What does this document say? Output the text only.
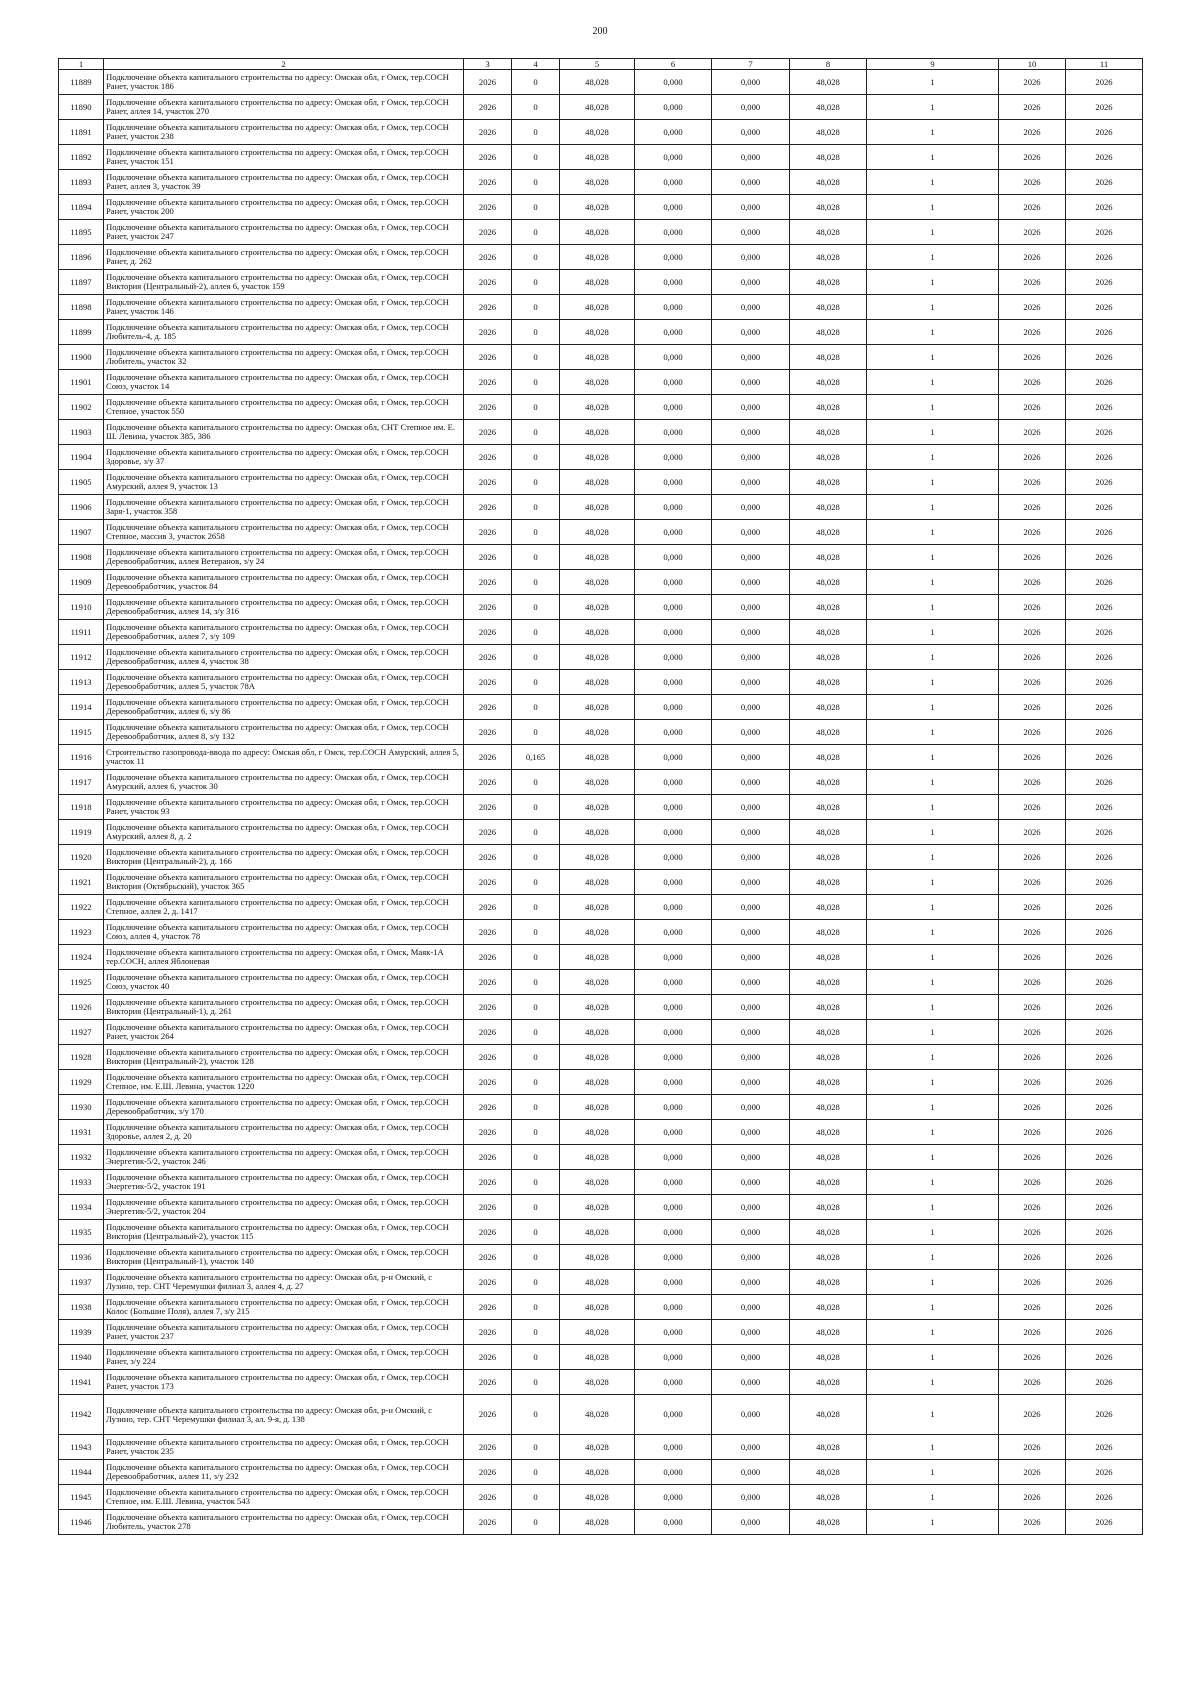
200
1	2	3	4	5	6	7	8	9	10	11
11889	Подключение объекта капитального строительства по адресу: Омская обл, г Омск, тер.СОСН Ранет, участок 186	2026	0	48,028	0,000	0,000	48,028	1	2026	2026
11890	Подключение объекта капитального строительства по адресу: Омская обл, г Омск, тер.СОСН Ранет, аллея 14, участок 270	2026	0	48,028	0,000	0,000	48,028	1	2026	2026
11891	Подключение объекта капитального строительства по адресу: Омская обл, г Омск, тер.СОСН Ранет, участок 238	2026	0	48,028	0,000	0,000	48,028	1	2026	2026
11892	Подключение объекта капитального строительства по адресу: Омская обл, г Омск, тер.СОСН Ранет, участок 151	2026	0	48,028	0,000	0,000	48,028	1	2026	2026
11893	Подключение объекта капитального строительства по адресу: Омская обл, г Омск, тер.СОСН Ранет, аллея 3, участок 39	2026	0	48,028	0,000	0,000	48,028	1	2026	2026
11894	Подключение объекта капитального строительства по адресу: Омская обл, г Омск, тер.СОСН Ранет, участок 200	2026	0	48,028	0,000	0,000	48,028	1	2026	2026
11895	Подключение объекта капитального строительства по адресу: Омская обл, г Омск, тер.СОСН Ранет, участок 247	2026	0	48,028	0,000	0,000	48,028	1	2026	2026
11896	Подключение объекта капитального строительства по адресу: Омская обл, г Омск, тер.СОСН Ранет, д. 262	2026	0	48,028	0,000	0,000	48,028	1	2026	2026
11897	Подключение объекта капитального строительства по адресу: Омская обл, г Омск, тер.СОСН Виктория (Центральный-2), аллея 6, участок 159	2026	0	48,028	0,000	0,000	48,028	1	2026	2026
11898	Подключение объекта капитального строительства по адресу: Омская обл, г Омск, тер.СОСН Ранет, участок 146	2026	0	48,028	0,000	0,000	48,028	1	2026	2026
11899	Подключение объекта капитального строительства по адресу: Омская обл, г Омск, тер.СОСН Любитель-4, д. 185	2026	0	48,028	0,000	0,000	48,028	1	2026	2026
11900	Подключение объекта капитального строительства по адресу: Омская обл, г Омск, тер.СОСН Любитель, участок 32	2026	0	48,028	0,000	0,000	48,028	1	2026	2026
11901	Подключение объекта капитального строительства по адресу: Омская обл, г Омск, тер.СОСН Союз, участок 14	2026	0	48,028	0,000	0,000	48,028	1	2026	2026
11902	Подключение объекта капитального строительства по адресу: Омская обл, г Омск, тер.СОСН Степное, участок 550	2026	0	48,028	0,000	0,000	48,028	1	2026	2026
11903	Подключение объекта капитального строительства по адресу: Омская обл, СНТ Степное им. Е. Ш. Левина, участок 385, 386	2026	0	48,028	0,000	0,000	48,028	1	2026	2026
11904	Подключение объекта капитального строительства по адресу: Омская обл, г Омск, тер.СОСН Здоровье, з/у 37	2026	0	48,028	0,000	0,000	48,028	1	2026	2026
11905	Подключение объекта капитального строительства по адресу: Омская обл, г Омск, тер.СОСН Амурский, аллея 9, участок 13	2026	0	48,028	0,000	0,000	48,028	1	2026	2026
11906	Подключение объекта капитального строительства по адресу: Омская обл, г Омск, тер.СОСН Заря-1, участок 358	2026	0	48,028	0,000	0,000	48,028	1	2026	2026
11907	Подключение объекта капитального строительства по адресу: Омская обл, г Омск, тер.СОСН Степное, массив 3, участок 2658	2026	0	48,028	0,000	0,000	48,028	1	2026	2026
11908	Подключение объекта капитального строительства по адресу: Омская обл, г Омск, тер.СОСН Деревообработчик, аллея Ветеранов, з/у 24	2026	0	48,028	0,000	0,000	48,028	1	2026	2026
11909	Подключение объекта капитального строительства по адресу: Омская обл, г Омск, тер.СОСН Деревообработчик, участок 84	2026	0	48,028	0,000	0,000	48,028	1	2026	2026
11910	Подключение объекта капитального строительства по адресу: Омская обл, г Омск, тер.СОСН Деревообработчик, аллея 14, з/у 316	2026	0	48,028	0,000	0,000	48,028	1	2026	2026
11911	Подключение объекта капитального строительства по адресу: Омская обл, г Омск, тер.СОСН Деревообработчик, аллея 7, з/у 109	2026	0	48,028	0,000	0,000	48,028	1	2026	2026
11912	Подключение объекта капитального строительства по адресу: Омская обл, г Омск, тер.СОСН Деревообработчик, аллея 4, участок 38	2026	0	48,028	0,000	0,000	48,028	1	2026	2026
11913	Подключение объекта капитального строительства по адресу: Омская обл, г Омск, тер.СОСН Деревообработчик, аллея 5, участок 78А	2026	0	48,028	0,000	0,000	48,028	1	2026	2026
11914	Подключение объекта капитального строительства по адресу: Омская обл, г Омск, тер.СОСН Деревообработчик, аллея 6, з/у 86	2026	0	48,028	0,000	0,000	48,028	1	2026	2026
11915	Подключение объекта капитального строительства по адресу: Омская обл, г Омск, тер.СОСН Деревообработчик, аллея 8, з/у 132	2026	0	48,028	0,000	0,000	48,028	1	2026	2026
11916	Строительство газопровода-ввода по адресу: Омская обл, г Омск, тер.СОСН Амурский, аллея 5, участок 11	2026	0,165	48,028	0,000	0,000	48,028	1	2026	2026
11917	Подключение объекта капитального строительства по адресу: Омская обл, г Омск, тер.СОСН Амурский, аллея 6, участок 30	2026	0	48,028	0,000	0,000	48,028	1	2026	2026
11918	Подключение объекта капитального строительства по адресу: Омская обл, г Омск, тер.СОСН Ранет, участок 93	2026	0	48,028	0,000	0,000	48,028	1	2026	2026
11919	Подключение объекта капитального строительства по адресу: Омская обл, г Омск, тер.СОСН Амурский, аллея 8, д. 2	2026	0	48,028	0,000	0,000	48,028	1	2026	2026
11920	Подключение объекта капитального строительства по адресу: Омская обл, г Омск, тер.СОСН Виктория (Центральный-2), д. 166	2026	0	48,028	0,000	0,000	48,028	1	2026	2026
11921	Подключение объекта капитального строительства по адресу: Омская обл, г Омск, тер.СОСН Виктория (Октябрьский), участок 365	2026	0	48,028	0,000	0,000	48,028	1	2026	2026
11922	Подключение объекта капитального строительства по адресу: Омская обл, г Омск, тер.СОСН Степное, аллея 2, д. 1417	2026	0	48,028	0,000	0,000	48,028	1	2026	2026
11923	Подключение объекта капитального строительства по адресу: Омская обл, г Омск, тер.СОСН Союз, аллея 4, участок 78	2026	0	48,028	0,000	0,000	48,028	1	2026	2026
11924	Подключение объекта капитального строительства по адресу: Омская обл, г Омск, Маяк-1А тер.СОСН, аллея Яблоневая	2026	0	48,028	0,000	0,000	48,028	1	2026	2026
11925	Подключение объекта капитального строительства по адресу: Омская обл, г Омск, тер.СОСН Союз, участок 40	2026	0	48,028	0,000	0,000	48,028	1	2026	2026
11926	Подключение объекта капитального строительства по адресу: Омская обл, г Омск, тер.СОСН Виктория (Центральный-1), д. 261	2026	0	48,028	0,000	0,000	48,028	1	2026	2026
11927	Подключение объекта капитального строительства по адресу: Омская обл, г Омск, тер.СОСН Ранет, участок 264	2026	0	48,028	0,000	0,000	48,028	1	2026	2026
11928	Подключение объекта капитального строительства по адресу: Омская обл, г Омск, тер.СОСН Виктория (Центральный-2), участок 128	2026	0	48,028	0,000	0,000	48,028	1	2026	2026
11929	Подключение объекта капитального строительства по адресу: Омская обл, г Омск, тер.СОСН Степное, им. Е.Ш. Левина, участок 1220	2026	0	48,028	0,000	0,000	48,028	1	2026	2026
11930	Подключение объекта капитального строительства по адресу: Омская обл, г Омск, тер.СОСН Деревообработчик, з/у 170	2026	0	48,028	0,000	0,000	48,028	1	2026	2026
11931	Подключение объекта капитального строительства по адресу: Омская обл, г Омск, тер.СОСН Здоровье, аллея 2, д. 20	2026	0	48,028	0,000	0,000	48,028	1	2026	2026
11932	Подключение объекта капитального строительства по адресу: Омская обл, г Омск, тер.СОСН Энергетик-5/2, участок 246	2026	0	48,028	0,000	0,000	48,028	1	2026	2026
11933	Подключение объекта капитального строительства по адресу: Омская обл, г Омск, тер.СОСН Энергетик-5/2, участок 191	2026	0	48,028	0,000	0,000	48,028	1	2026	2026
11934	Подключение объекта капитального строительства по адресу: Омская обл, г Омск, тер.СОСН Энергетик-5/2, участок 204	2026	0	48,028	0,000	0,000	48,028	1	2026	2026
11935	Подключение объекта капитального строительства по адресу: Омская обл, г Омск, тер.СОСН Виктория (Центральный-2), участок 115	2026	0	48,028	0,000	0,000	48,028	1	2026	2026
11936	Подключение объекта капитального строительства по адресу: Омская обл, г Омск, тер.СОСН Виктория (Центральный-1), участок 140	2026	0	48,028	0,000	0,000	48,028	1	2026	2026
11937	Подключение объекта капитального строительства по адресу: Омская обл, р-н Омский, с Лузино, тер. СНТ Черемушки филиал 3, аллея 4, д. 27	2026	0	48,028	0,000	0,000	48,028	1	2026	2026
11938	Подключение объекта капитального строительства по адресу: Омская обл, г Омск, тер.СОСН Колос (Большие Поля), аллея 7, з/у 215	2026	0	48,028	0,000	0,000	48,028	1	2026	2026
11939	Подключение объекта капитального строительства по адресу: Омская обл, г Омск, тер.СОСН Ранет, участок 237	2026	0	48,028	0,000	0,000	48,028	1	2026	2026
11940	Подключение объекта капитального строительства по адресу: Омская обл, г Омск, тер.СОСН Ранет, з/у 224	2026	0	48,028	0,000	0,000	48,028	1	2026	2026
11941	Подключение объекта капитального строительства по адресу: Омская обл, г Омск, тер.СОСН Ранет, участок 173	2026	0	48,028	0,000	0,000	48,028	1	2026	2026
11942	Подключение объекта капитального строительства по адресу: Омская обл, р-н Омский, с Лузино, тер. СНТ Черемушки филиал 3, ал. 9-я, д. 138	2026	0	48,028	0,000	0,000	48,028	1	2026	2026
11943	Подключение объекта капитального строительства по адресу: Омская обл, г Омск, тер.СОСН Ранет, участок 235	2026	0	48,028	0,000	0,000	48,028	1	2026	2026
11944	Подключение объекта капитального строительства по адресу: Омская обл, г Омск, тер.СОСН Деревообработчик, аллея 11, з/у 232	2026	0	48,028	0,000	0,000	48,028	1	2026	2026
11945	Подключение объекта капитального строительства по адресу: Омская обл, г Омск, тер.СОСН Степное, им. Е.Ш. Левина, участок 543	2026	0	48,028	0,000	0,000	48,028	1	2026	2026
11946	Подключение объекта капитального строительства по адресу: Омская обл, г Омск, тер.СОСН Любитель, участок 278	2026	0	48,028	0,000	0,000	48,028	1	2026	2026
